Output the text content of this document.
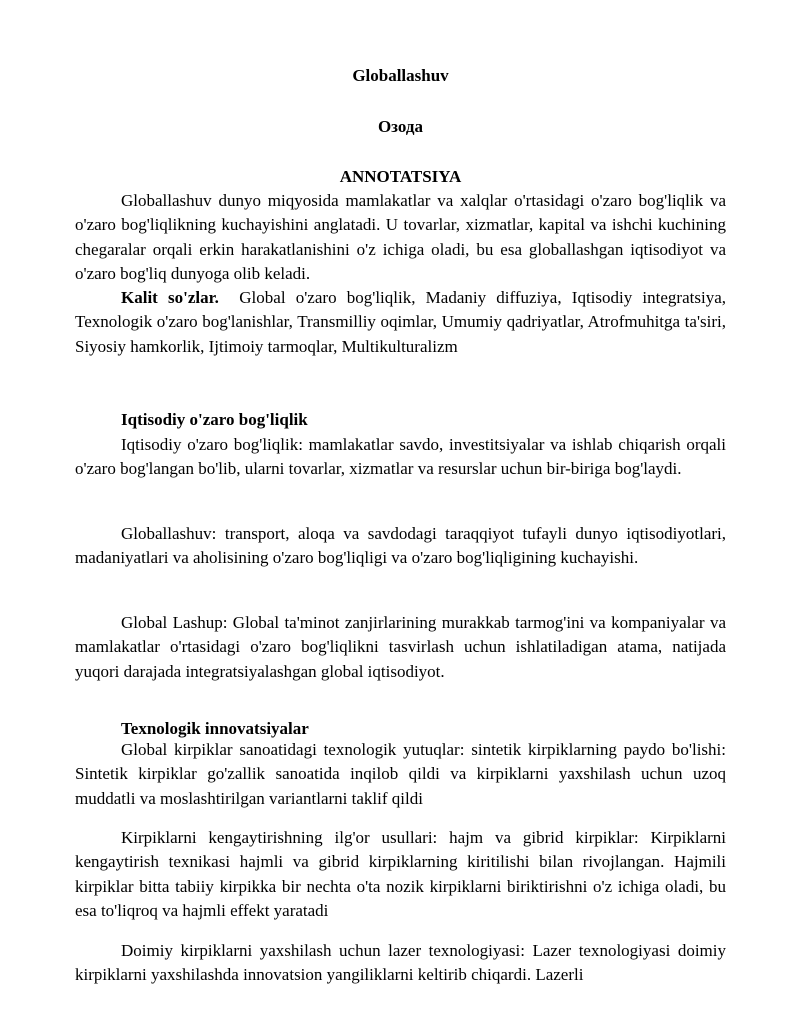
Globallashuv

Озода

ANNOTATSIYA

Globallashuv dunyo miqyosida mamlakatlar va xalqlar o'rtasidagi o'zaro bog'liqlik va o'zaro bog'liqlikning kuchayishini anglatadi. U tovarlar, xizmatlar, kapital va ishchi kuchining chegaralar orqali erkin harakatlanishini o'z ichiga oladi, bu esa globallashgan iqtisodiyot va o'zaro bog'liq dunyoga olib keladi.

Kalit so'zlar. Global o'zaro bog'liqlik, Madaniy diffuziya, Iqtisodiy integratsiya, Texnologik o'zaro bog'lanishlar, Transmilliy oqimlar, Umumiy qadriyatlar, Atrofmuhitga ta'siri, Siyosiy hamkorlik, Ijtimoiy tarmoqlar, Multikulturalizm

Iqtisodiy o'zaro bog'liqlik

Iqtisodiy o'zaro bog'liqlik: mamlakatlar savdo, investitsiyalar va ishlab chiqarish orqali o'zaro bog'langan bo'lib, ularni tovarlar, xizmatlar va resurslar uchun bir-biriga bog'laydi.

Globallashuv: transport, aloqa va savdodagi taraqqiyot tufayli dunyo iqtisodiyotlari, madaniyatlari va aholisining o'zaro bog'liqligi va o'zaro bog'liqligining kuchayishi.

Global Lashup: Global ta'minot zanjirlarining murakkab tarmog'ini va kompaniyalar va mamlakatlar o'rtasidagi o'zaro bog'liqlikni tasvirlash uchun ishlatiladigan atama, natijada yuqori darajada integratsiyalashgan global iqtisodiyot.

Texnologik innovatsiyalar

Global kirpiklar sanoatidagi texnologik yutuqlar: sintetik kirpiklarning paydo bo'lishi: Sintetik kirpiklar go'zallik sanoatida inqilob qildi va kirpiklarni yaxshilash uchun uzoq muddatli va moslashtirilgan variantlarni taklif qildi

Kirpiklarni kengaytirishning ilg'or usullari: hajm va gibrid kirpiklar: Kirpiklarni kengaytirish texnikasi hajmli va gibrid kirpiklarning kiritilishi bilan rivojlangan. Hajmili kirpiklar bitta tabiiy kirpikka bir nechta o'ta nozik kirpiklarni biriktirishni o'z ichiga oladi, bu esa to'liqroq va hajmli effekt yaratadi

Doimiy kirpiklarni yaxshilash uchun lazer texnologiyasi: Lazer texnologiyasi doimiy kirpiklarni yaxshilashda innovatsion yangiliklarni keltirib chiqardi. Lazerli
